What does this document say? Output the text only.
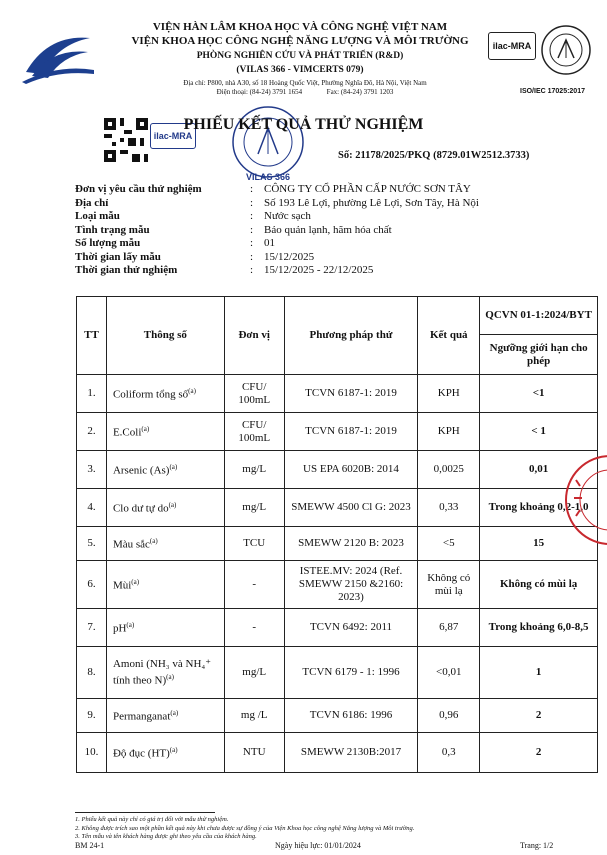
VIỆN HÀN LÂM KHOA HỌC VÀ CÔNG NGHỆ VIỆT NAM
VIỆN KHOA HỌC CÔNG NGHỆ NĂNG LƯỢNG VÀ MÔI TRƯỜNG
PHÒNG NGHIÊN CỨU VÀ PHÁT TRIỂN (R&D)
(VILAS 366 - VIMCERTS 079)
Địa chỉ: P800, nhà A30, số 18 Hoàng Quốc Việt, Phường Nghĩa Đô, Hà Nội, Việt Nam
Điện thoại: (84-24) 3791 1654	Fax: (84-24) 3791 1203
ilac-MRA
ISO/IEC 17025:2017
ilac-MRA
PHIẾU KẾT QUẢ THỬ NGHIỆM
Số: 21178/2025/PKQ (8729.01W2512.3733)
VILAS 366
Đơn vị yêu cầu thử nghiệm	: CÔNG TY CỔ PHẦN CẤP NƯỚC SƠN TÂY
Địa chỉ	: Số 193 Lê Lợi, phường Lê Lợi, Sơn Tây, Hà Nội
Loại mẫu	: Nước sạch
Tình trạng mẫu	: Bảo quản lạnh, hãm hóa chất
Số lượng mẫu	: 01
Thời gian lấy mẫu	: 15/12/2025
Thời gian thử nghiệm	: 15/12/2025 - 22/12/2025
TT	Thông số	Đơn vị	Phương pháp thử	Kết quả	QCVN 01-1:2024/BYT
					Ngưỡng giới hạn cho phép
1.	Coliform tổng số$^{(a)}$	CFU/ 100mL	TCVN 6187-1: 2019	KPH	<1
2.	E.Coli$^{(a)}$	CFU/ 100mL	TCVN 6187-1: 2019	KPH	< 1
3.	Arsenic $(As)^{(a)}$	mg/L	US EPA 6020B: 2014	0,0025	0,01
4.	Clo dư tự $do^{(a)}$	mg/L	SMEWW 4500 Cl G: 2023	0,33	Trong khoảng 0,2-1,0
5.	Màu sắc$^{(a)}$	TCU	SMEWW 2120 B: 2023	<5	15
6.	Mùi$^{(a)}$	-	ISTEE.MV: 2024 (Ref. SMEWW 2150 &2160: 2023)	Không có mùi lạ	Không có mùi lạ
7.	$pH^{(a)}$	-	TCVN 6492: 2011	6,87	Trong khoảng 6,0-8,5
8.	Amoni (NH₃ và NH₄⁺ tính theo N)$^{(a)}$	mg/L	TCVN 6179 - 1: 1996	<0,01	1
9.	Permanganat$^{(a)}$	mg /L	TCVN 6186: 1996	0,96	2
10.	Độ đục (HT)$^{(a)}$	NTU	SMEWW 2130B:2017	0,3	2
1. Phiếu kết quả này chỉ có giá trị đối với mẫu thử nghiệm.
2. Không được trích sao một phần kết quả này khi chưa được sự đồng ý của Viện Khoa học công nghệ Năng lượng và Môi trường.
3. Tên mẫu và tên khách hàng được ghi theo yêu cầu của khách hàng.
BM 24-1	Ngày hiệu lực: 01/01/2024	Trang: 1/2
